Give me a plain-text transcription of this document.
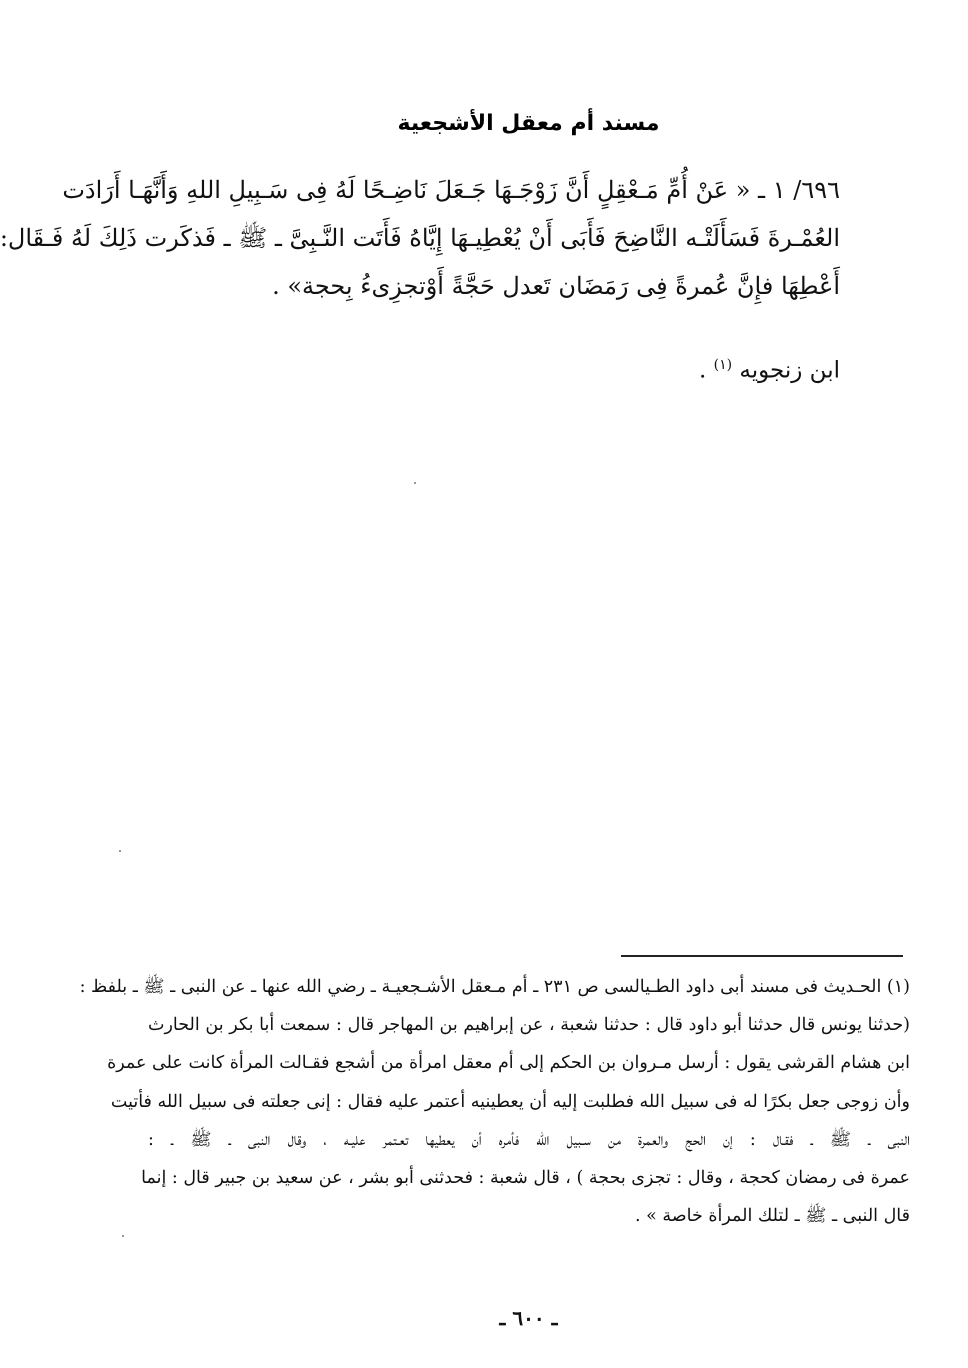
مسند أم معقل الأشجعية
٦٩٦/ ١ ـ « عَنْ أُمِّ مَـعْقِلٍ أَنَّ زَوْجَـهَا جَـعَلَ نَاضِـحًا لَهُ فِى سَـبِيلِ اللهِ وَأَنَّهَـا أَرَادَت
العُمْـرةَ فَسَأَلَتْـه النَّاضِحَ فَأَبَى أَنْ يُعْطِيـهَا إِيَّاهُ فَأَتَت النَّـبِىَّ ـ ﷺ ـ فَذكَرت ذَلِكَ لَهُ فَـقَال:
أَعْطِهَا فإِنَّ عُمرةً فِى رَمَضَان تَعدل حَجَّةً أَوْتجزِىءُ بِحجة» .
ابن زنجويه $^{(١)}$ .
(١) الحـديث فى مسند أبى داود الطـيالسى ص ٢٣١ ـ أم مـعقل الأشـجعيـة ـ رضي الله عنها ـ عن النبى ـ ﷺ ـ بلفظ :
(حدثنا يونس قال حدثنا أبو داود قال : حدثنا شعبة ، عن إبراهيم بن المهاجر قال : سمعت أبا بكر بن الحارث
ابن هشام القرشى يقول : أرسل مـروان بن الحكم إلى أم معقل امرأة من أشجع فقـالت المرأة كانت على عمرة
وأن زوجى جعل بكرًا له فى سبيل الله فطلبت إليه أن يعطينيه أعتمر عليه فقال : إنى جعلته فى سبيل الله فأتيت
النبى ـ ﷺ ـ فقـال : إن الحج والعمرة من سـبيل الله فأمره أن يعطيها تعـتمر عليـه ، وقال النبى ـ ﷺ ـ :
عمرة فى رمضان كحجة ، وقال : تجزى بحجة ) ، قال شعبة : فحدثنى أبو بشر ، عن سعيد بن جبير قال : إنما
قال النبى ـ ﷺ ـ لتلك المرأة خاصة » .
ـ ٦٠٠ ـ
